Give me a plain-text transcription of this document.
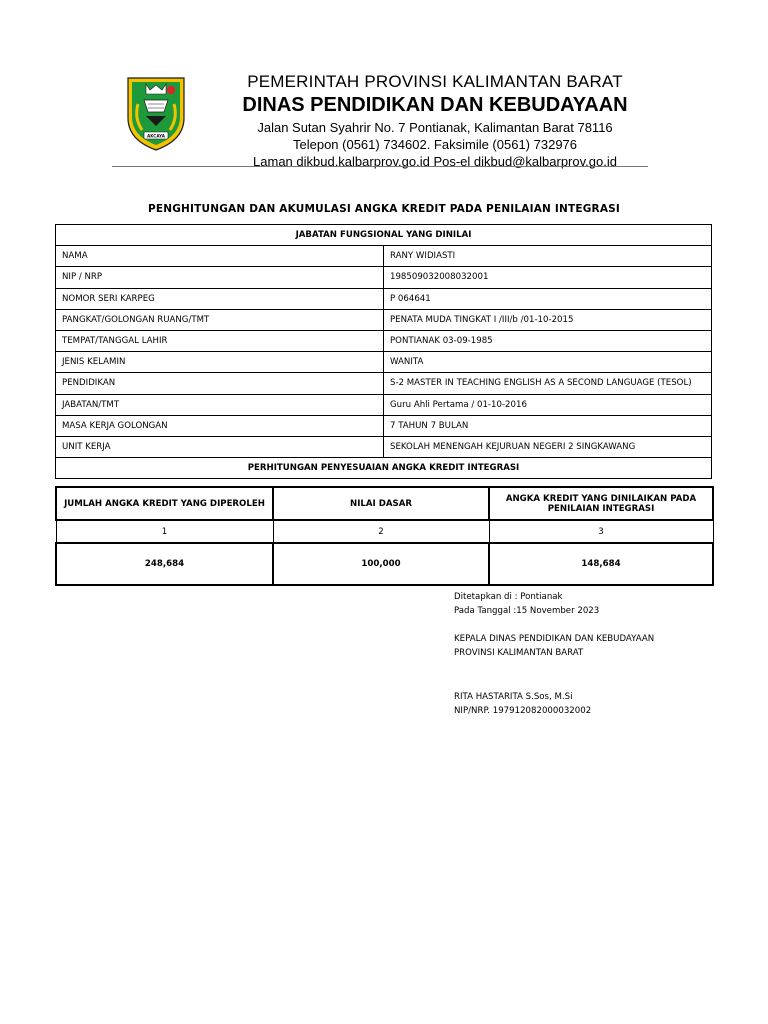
AKCAYA
PEMERINTAH PROVINSI KALIMANTAN BARAT
DINAS PENDIDIKAN DAN KEBUDAYAAN
Jalan Sutan Syahrir No. 7 Pontianak, Kalimantan Barat 78116
Telepon (0561) 734602. Faksimile (0561) 732976
Laman dikbud.kalbarprov.go.id Pos-el dikbud@kalbarprov.go.id
PENGHITUNGAN DAN AKUMULASI ANGKA KREDIT PADA PENILAIAN INTEGRASI
JABATAN FUNGSIONAL YANG DINILAI	
NAMA	RANY WIDIASTI
NIP / NRP	198509032008032001
NOMOR SERI KARPEG	P 064641
PANGKAT/GOLONGAN RUANG/TMT	PENATA MUDA TINGKAT I /III/b /01-10-2015
TEMPAT/TANGGAL LAHIR	PONTIANAK 03-09-1985
JENIS KELAMIN	WANITA
PENDIDIKAN	S-2 MASTER IN TEACHING ENGLISH AS A SECOND LANGUAGE (TESOL)
JABATAN/TMT	Guru Ahli Pertama / 01-10-2016
MASA KERJA GOLONGAN	7 TAHUN 7 BULAN
UNIT KERJA	SEKOLAH MENENGAH KEJURUAN NEGERI 2 SINGKAWANG
PERHITUNGAN PENYESUAIAN ANGKA KREDIT INTEGRASI	
JUMLAH ANGKA KREDIT YANG DIPEROLEH	NILAI DASAR	ANGKA KREDIT YANG DINILAIKAN PADA PENILAIAN INTEGRASI
1	2	3
248,684	100,000	148,684
Ditetapkan di : Pontianak
Pada Tanggal :15 November 2023
KEPALA DINAS PENDIDIKAN DAN KEBUDAYAAN
PROVINSI KALIMANTAN BARAT
RITA HASTARITA S.Sos, M.Si
NIP/NRP. 197912082000032002
